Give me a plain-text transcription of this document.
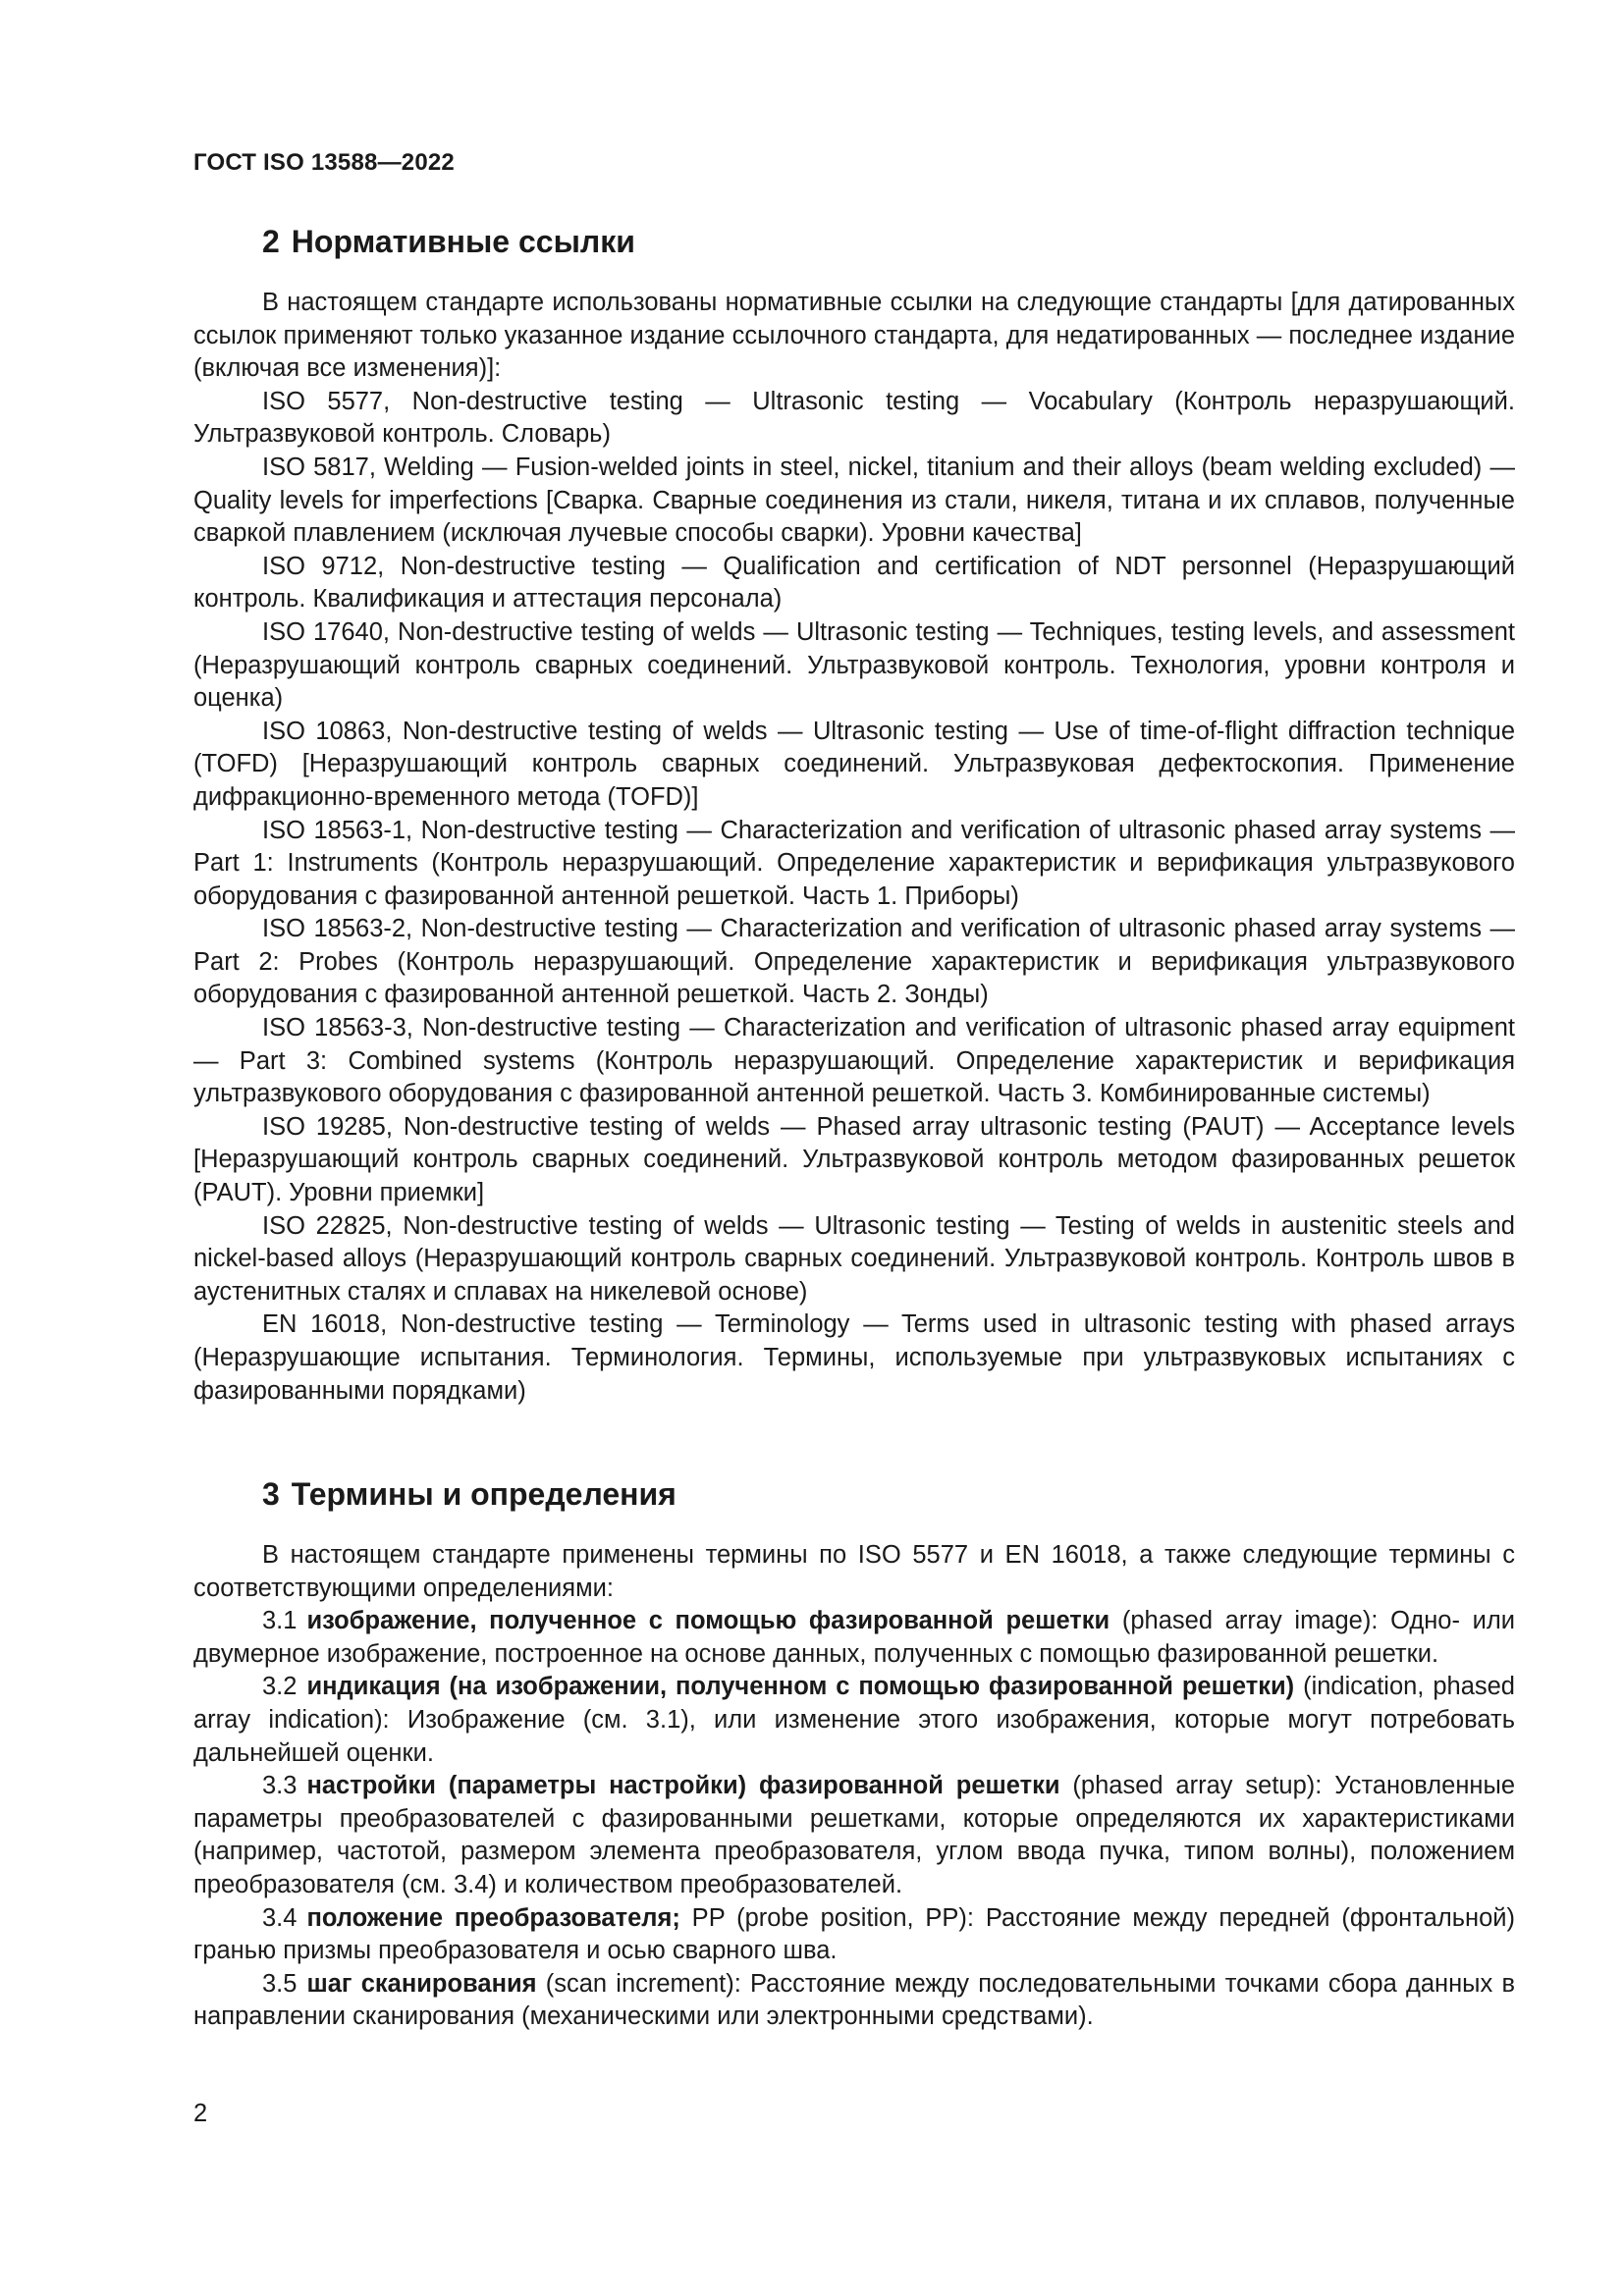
ГОСТ ISO 13588—2022
2 Нормативные ссылки

В настоящем стандарте использованы нормативные ссылки на следующие стандарты [для датированных ссылок применяют только указанное издание ссылочного стандарта, для недатированных — последнее издание (включая все изменения)]:

ISO 5577, Non-destructive testing — Ultrasonic testing — Vocabulary (Контроль неразрушающий. Ультразвуковой контроль. Словарь)

ISO 5817, Welding — Fusion-welded joints in steel, nickel, titanium and their alloys (beam welding excluded) — Quality levels for imperfections [Сварка. Сварные соединения из стали, никеля, титана и их сплавов, полученные сваркой плавлением (исключая лучевые способы сварки). Уровни качества]

ISO 9712, Non-destructive testing — Qualification and certification of NDT personnel (Неразрушающий контроль. Квалификация и аттестация персонала)

ISO 17640, Non-destructive testing of welds — Ultrasonic testing — Techniques, testing levels, and assessment (Неразрушающий контроль сварных соединений. Ультразвуковой контроль. Технология, уровни контроля и оценка)

ISO 10863, Non-destructive testing of welds — Ultrasonic testing — Use of time-of-flight diffraction technique (TOFD) [Неразрушающий контроль сварных соединений. Ультразвуковая дефектоскопия. Применение дифракционно-временного метода (TOFD)]

ISO 18563-1, Non-destructive testing — Characterization and verification of ultrasonic phased array systems — Part 1: Instruments (Контроль неразрушающий. Определение характеристик и верификация ультразвукового оборудования с фазированной антенной решеткой. Часть 1. Приборы)

ISO 18563-2, Non-destructive testing — Characterization and verification of ultrasonic phased array systems — Part 2: Probes (Контроль неразрушающий. Определение характеристик и верификация ультразвукового оборудования с фазированной антенной решеткой. Часть 2. Зонды)

ISO 18563-3, Non-destructive testing — Characterization and verification of ultrasonic phased array equipment — Part 3: Combined systems (Контроль неразрушающий. Определение характеристик и верификация ультразвукового оборудования с фазированной антенной решеткой. Часть 3. Комбинированные системы)

ISO 19285, Non-destructive testing of welds — Phased array ultrasonic testing (PAUT) — Acceptance levels [Неразрушающий контроль сварных соединений. Ультразвуковой контроль методом фазированных решеток (PAUT). Уровни приемки]

ISO 22825, Non-destructive testing of welds — Ultrasonic testing — Testing of welds in austenitic steels and nickel-based alloys (Неразрушающий контроль сварных соединений. Ультразвуковой контроль. Контроль швов в аустенитных сталях и сплавах на никелевой основе)

EN 16018, Non-destructive testing — Terminology — Terms used in ultrasonic testing with phased arrays (Неразрушающие испытания. Терминология. Термины, используемые при ультразвуковых испытаниях с фазированными порядками)

3 Термины и определения

В настоящем стандарте применены термины по ISO 5577 и EN 16018, а также следующие термины с соответствующими определениями:

3.1 изображение, полученное с помощью фазированной решетки (phased array image): Одно- или двумерное изображение, построенное на основе данных, полученных с помощью фазированной решетки.

3.2 индикация (на изображении, полученном с помощью фазированной решетки) (indication, phased array indication): Изображение (см. 3.1), или изменение этого изображения, которые могут потребовать дальнейшей оценки.

3.3 настройки (параметры настройки) фазированной решетки (phased array setup): Установленные параметры преобразователей с фазированными решетками, которые определяются их характеристиками (например, частотой, размером элемента преобразователя, углом ввода пучка, типом волны), положением преобразователя (см. 3.4) и количеством преобразователей.

3.4 положение преобразователя; PP (probe position, PP): Расстояние между передней (фронтальной) гранью призмы преобразователя и осью сварного шва.

3.5 шаг сканирования (scan increment): Расстояние между последовательными точками сбора данных в направлении сканирования (механическими или электронными средствами).

2
